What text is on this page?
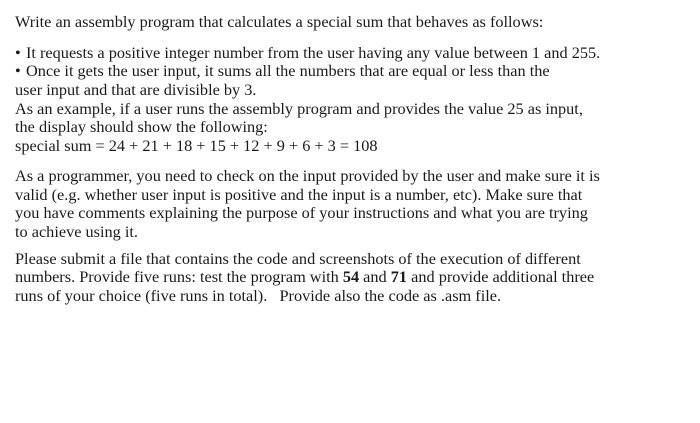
Write an assembly program that calculates a special sum that behaves as follows:
• It requests a positive integer number from the user having any value between 1 and 255.
• Once it gets the user input, it sums all the numbers that are equal or less than the
user input and that are divisible by 3.
As an example, if a user runs the assembly program and provides the value 25 as input,
the display should show the following:
special sum = 24 + 21 + 18 + 15 + 12 + 9 + 6 + 3 = 108
As a programmer, you need to check on the input provided by the user and make sure it is
valid (e.g. whether user input is positive and the input is a number, etc). Make sure that
you have comments explaining the purpose of your instructions and what you are trying
to achieve using it.
Please submit a file that contains the code and screenshots of the execution of different
numbers. Provide five runs: test the program with 54 and 71 and provide additional three
runs of your choice (five runs in total).   Provide also the code as .asm file.
